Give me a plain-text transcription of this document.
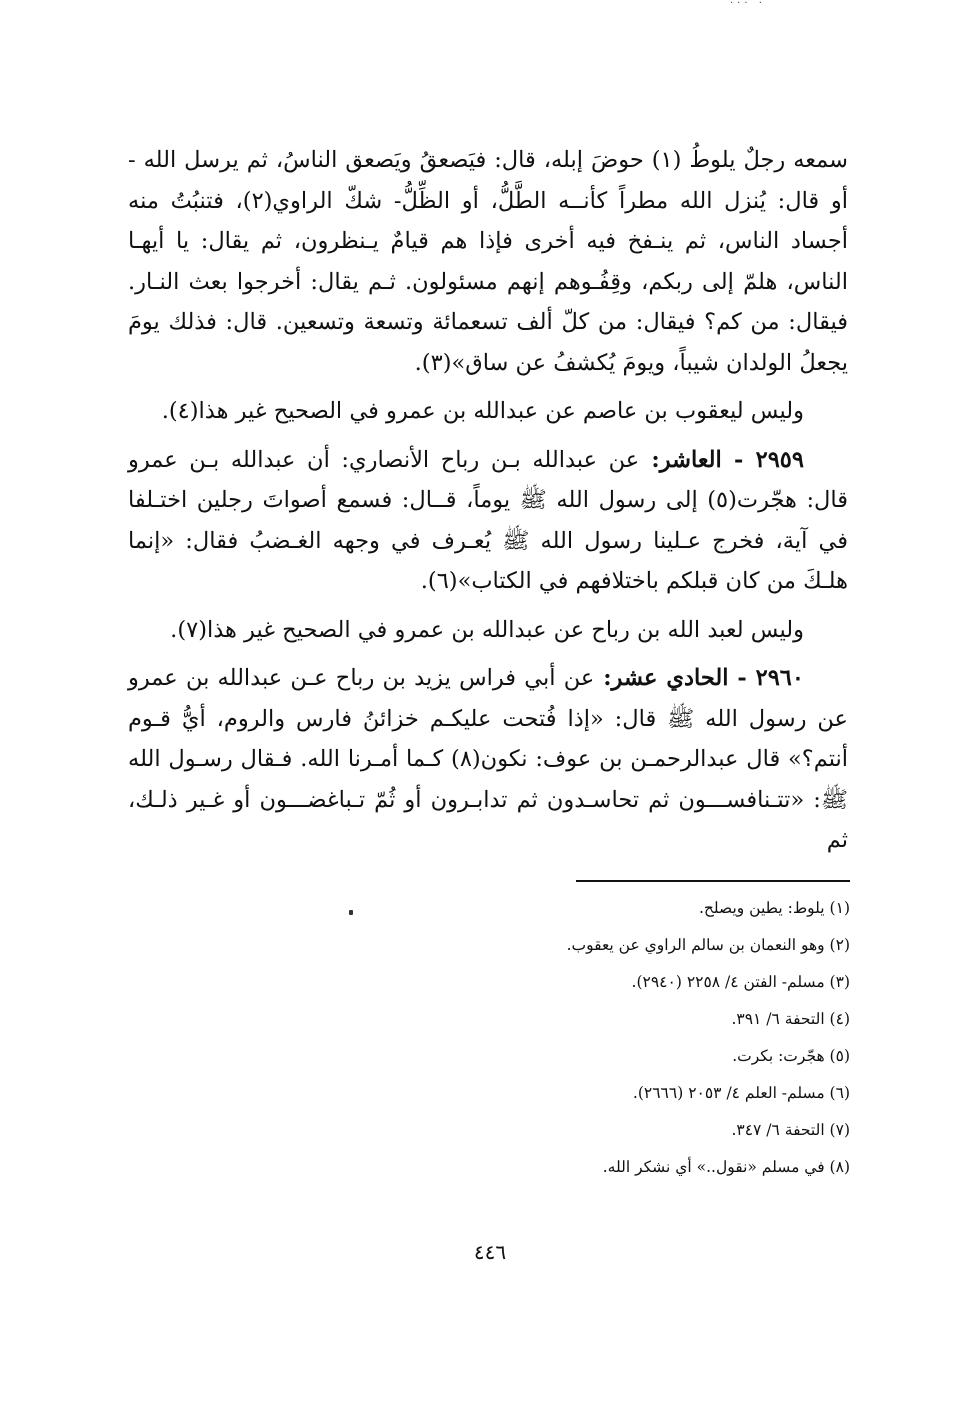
··· ·

سمعه رجلٌ يلوطُ (١) حوضَ إبله، قال: فيَصعقُ ويَصعق الناسُ، ثم يرسل الله - أو قال: يُنزل الله مطراً كأنــه الطَّلُّ، أو الظِّلُّ- شكّ الراوي(٢)، فتنبُتُ منه أجساد الناس، ثم ينـفخ فيه أخرى فإذا هم قيامٌ يـنظرون، ثم يقال: يا أيهـا الناس، هلمّ إلى ربكم، وقِفُـوهم إنهم مسئولون. ثـم يقال: أخرجوا بعث النـار. فيقال: من كم؟ فيقال: من كلّ ألف تسعمائة وتسعة وتسعين. قال: فذلك يومَ يجعلُ الولدان شيباً، ويومَ يُكشفُ عن ساق»(٣).

وليس ليعقوب بن عاصم عن عبدالله بن عمرو في الصحيح غير هذا(٤).

٢٩٥٩ - العاشر: عن عبدالله بـن رباح الأنصاري: أن عبدالله بـن عمرو قال: هجّرت(٥) إلى رسول الله ﷺ يوماً، قــال: فسمع أصواتَ رجلين اختـلفا في آية، فخرج عـلينا رسول الله ﷺ يُعـرف في وجهه الغـضبُ فقال: «إنما هلـكَ من كان قبلكم باختلافهم في الكتاب»(٦).

وليس لعبد الله بن رباح عن عبدالله بن عمرو في الصحيح غير هذا(٧).

٢٩٦٠ - الحادي عشر: عن أبي فراس يزيد بن رباح عـن عبدالله بن عمرو عن رسول الله ﷺ قال: «إذا فُتحت عليكـم خزائنُ فارس والروم، أيُّ قـوم أنتم؟» قال عبدالرحمـن بن عوف: نكون(٨) كـما أمـرنا الله. فـقال رسـول الله ﷺ: «تتـنافســـون ثم تحاسـدون ثم تدابـرون أو ثُمّ تـباغضـــون أو غـير ذلـك، ثم

(١) يلوط: يطين ويصلح.
(٢) وهو النعمان بن سالم الراوي عن يعقوب.
(٣) مسلم- الفتن ٤/ ٢٢٥٨ (٢٩٤٠).
(٤) التحفة ٦/ ٣٩١.
(٥) هجّرت: بكرت.
(٦) مسلم- العلم ٤/ ٢٠٥٣ (٢٦٦٦).
(٧) التحفة ٦/ ٣٤٧.
(٨) في مسلم «نقول..» أي نشكر الله.
٤٤٦
